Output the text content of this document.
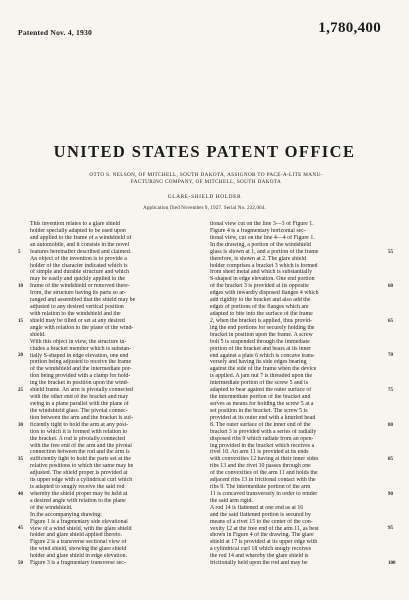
Patented Nov. 4, 1930	1,780,400
UNITED STATES PATENT OFFICE
OTTO S. NELSON, OF MITCHELL, SOUTH DAKOTA, ASSIGNOR TO PACE-A-LITE MANU-
FACTURING COMPANY, OF MITCHELL, SOUTH DAKOTA
GLARE-SHIELD HOLDER
Application filed November 9, 1927. Serial No. 232,064.
This invention relates to a glare shield
holder specially adapted to be used upon
and applied to the frame of a windshield of
an automobile, and it consists in the novel
features hereinafter described and claimed.
An object of the invention is to provide a
holder of the character indicated which is
of simple and durable structure and which
may be easily and quickly applied to the
frame of the windshield or removed there-
from, the structure having its parts so ar-
ranged and assembled that the shield may be
adjusted to any desired vertical position
with relation to the windshield and the
shield may be tilted or set at any desired
angle with relation to the plane of the wind-
shield.
With this object in view, the structure in-
cludes a bracket member which is substan-
tially S-shaped in edge elevation, one end
portion being adjusted to receive the frame
of the windshield and the intermediate por-
tion being provided with a clamp for hold-
ing the bracket in position upon the wind-
shield frame. An arm is pivotally connected
with the other end of the bracket and may
swing in a plane parallel with the plane of
the windshield glass. The pivotal connec-
tion between the arm and the bracket is suf-
ficiently tight to hold the arm at any posi-
tion to which it is formed with relation to
the bracket. A rod is pivotally connected
with the free end of the arm and the pivotal
connection between the rod and the arm is
sufficiently tight to hold the parts set at the
relative positions to which the same may be
adjusted. The shield proper is provided at
its upper edge with a cylindrical curl which
is adapted to snugly receive the said rod
whereby the shield proper may be held at
a desired angle with relation to the plane
of the windshield.
In the accompanying drawing:
Figure 1 is a fragmentary side elevational
view of a wind shield, with the glare shield
holder and glare shield applied thereto.
Figure 2 is a transverse sectional view of
the wind shield, showing the glare shield
holder and glare shield in edge elevation.
Figure 3 is a fragmentary transverse sec-
tional view cut on the line 3—3 of Figure 1.
Figure 4 is a fragmentary horizontal sec-
tional view, cut on the line 4—4 of Figure 1.
In the drawing, a portion of the windshield
glass is shown at 1, and a portion of the frame
therefore, is shown at 2. The glare shield
holder comprises a bracket 3 which is formed
from sheet metal and which is substantially
S-shaped in edge elevation. One end portion
of the bracket 3 is provided at its opposite
edges with inwardly disposed flanges 4 which
add rigidity to the bracket and also add the
edges of portions of the flanges which are
adapted to bite into the surface of the frame
2, when the bracket is applied, thus provid-
ing the end portions for securely holding the
bracket in position upon the frame. A screw
bolt 5 is suspended through the immediate
portion of the bracket and bears at its inner
end against a plate 6 which is concave trans-
versely and having its side edges bearing
against the side of the frame when the device
is applied. A jam nut 7 is threaded upon the
intermediate portion of the screw 5 and is
adapted to bear against the outer surface of
the intermediate portion of the bracket and
serves as means for holding the screw 5 at a
set position in the bracket. The screw 5 is
provided at its outer end with a knurled head
8. The outer surface of the inner end of the
bracket 3 is provided with a series of radially
disposed ribs 9 which radiate from an open-
ing provided in the bracket which receives a
rivet 10. An arm 11 is provided at its ends
with convexities 12 having at their inner sides
ribs 13 and the rivet 10 passes through one
of the convexities of the arm 11 and holds the
adjacent ribs 13 in frictional contact with the
ribs 9. The intermediate portion of the arm
11 is concaved transversely in order to render
the said arm rigid.
A rod 14 is flattened at one end as at 16
and the said flattened portion is secured by
means of a rivet 15 to the center of the con-
vexity 12 at the free end of the arm 11, as best
shown in Figure 4 of the drawing. The glare
shield at 17 is provided at its upper edge with
a cylindrical curl 18 which snugly receives
the rod 14 and whereby the glare shield is
frictionally held upon the rod and may be
5
10
15
20
25
30
35
40
45
50
55
60
65
70
75
80
85
90
95
100
